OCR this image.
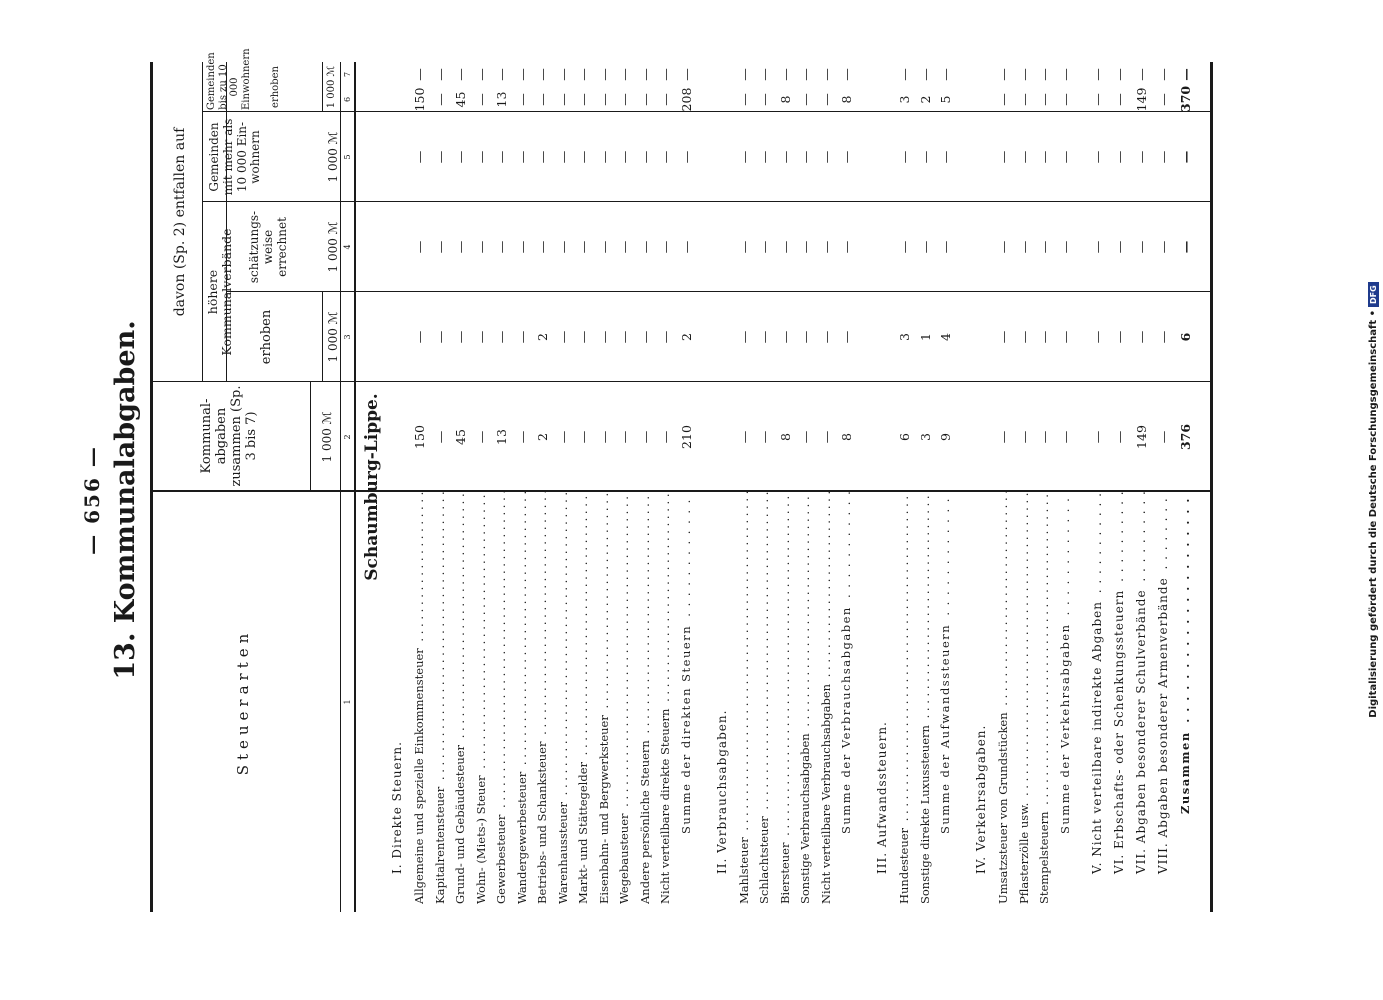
— 656 — 13. Kommunalabgaben.
Steuerarten
Kommunal-abgaben zusammen (Sp. 3 bis 7)	1 000 ℳ
davon (Sp. 2) entfallen auf höhere Kommunalverbände
Gemeinden mit mehr als 10 000 Ein-wohnern
Gemeinden bis zu 10 000 Einwohnern
erhoben
schätzungs-weise errechnet
erhoben
1 000 ℳ
1 000 ℳ
1 000 ℳ
1 000 ℳ
1
2
3
4
5
6
7
Schaumburg-Lippe.
I. Direkte Steuern. Allgemeine und spezielle Einkommensteuer . . .
150
—
—
—
150
—
Kapitalrentensteuer . . .
—
—
—
—
—
—
Grund- und Gebäudesteuer . . .
45
—
—
—
45
—
Wohn- (Miets-) Steuer . . .
—
—
—
—
—
—
Gewerbesteuer . . .
13
—
—
—
13
—
Wandergewerbesteuer . . .
—
—
—
—
—
—
Betriebs- und Schanksteuer . . .
2
2
—
—
—
—
Warenhaussteuer . . .
—
—
—
—
—
—
Markt- und Stättegelder . . .
—
—
—
—
—
—
Eisenbahn- und Bergwerksteuer . . .
—
—
—
—
—
—
Wegebausteuer . . .
—
—
—
—
—
—
Andere persönliche Steuern . . .
—
—
—
—
—
—
Nicht verteilbare direkte Steuern . . .
—
—
—
—
—
—
Summe der direkten Steuern . . .
210
2
—
—
208
—
II. Verbrauchsabgaben. Mahlsteuer . . .
—
—
—
—
—
—
Schlachtsteuer . . .
—
—
—
—
—
—
Biersteuer . . .
8
—
—
—
8
—
Sonstige Verbrauchsabgaben . . .
—
—
—
—
—
—
Nicht verteilbare Verbrauchsabgaben . . .
—
—
—
—
—
—
Summe der Verbrauchsabgaben . . .
8
—
—
—
8
—
III. Aufwandssteuern. Hundesteuer . . .
6
3
—
—
3
—
Sonstige direkte Luxussteuern . . .
3
1
—
—
2
—
Summe der Aufwandssteuern . . .
9
4
—
—
5
—
IV. Verkehrsabgaben. Umsatzsteuer von Grundstücken . . .
—
—
—
—
—
—
Pflasterzölle usw. . . .
—
—
—
—
—
—
Stempelsteuern . . .
—
—
—
—
—
—
Summe der Verkehrsabgaben . . .
—
—
—
—
—
—
V. Nicht verteilbare indirekte Abgaben . . .
—
—
—
—
—
—
VI. Erbschafts- oder Schenkungssteuern . . .
—
—
—
—
—
—
VII. Abgaben besonderer Schulverbände . . .
149
—
—
—
149
—
VIII. Abgaben besonderer Armenverbände . . .
—
—
—
—
—
—
Zusammen . . .
376
6
—
—
370
—
Digitalisierung gefördert durch die Deutsche Forschungsgemeinschaft •DFG
